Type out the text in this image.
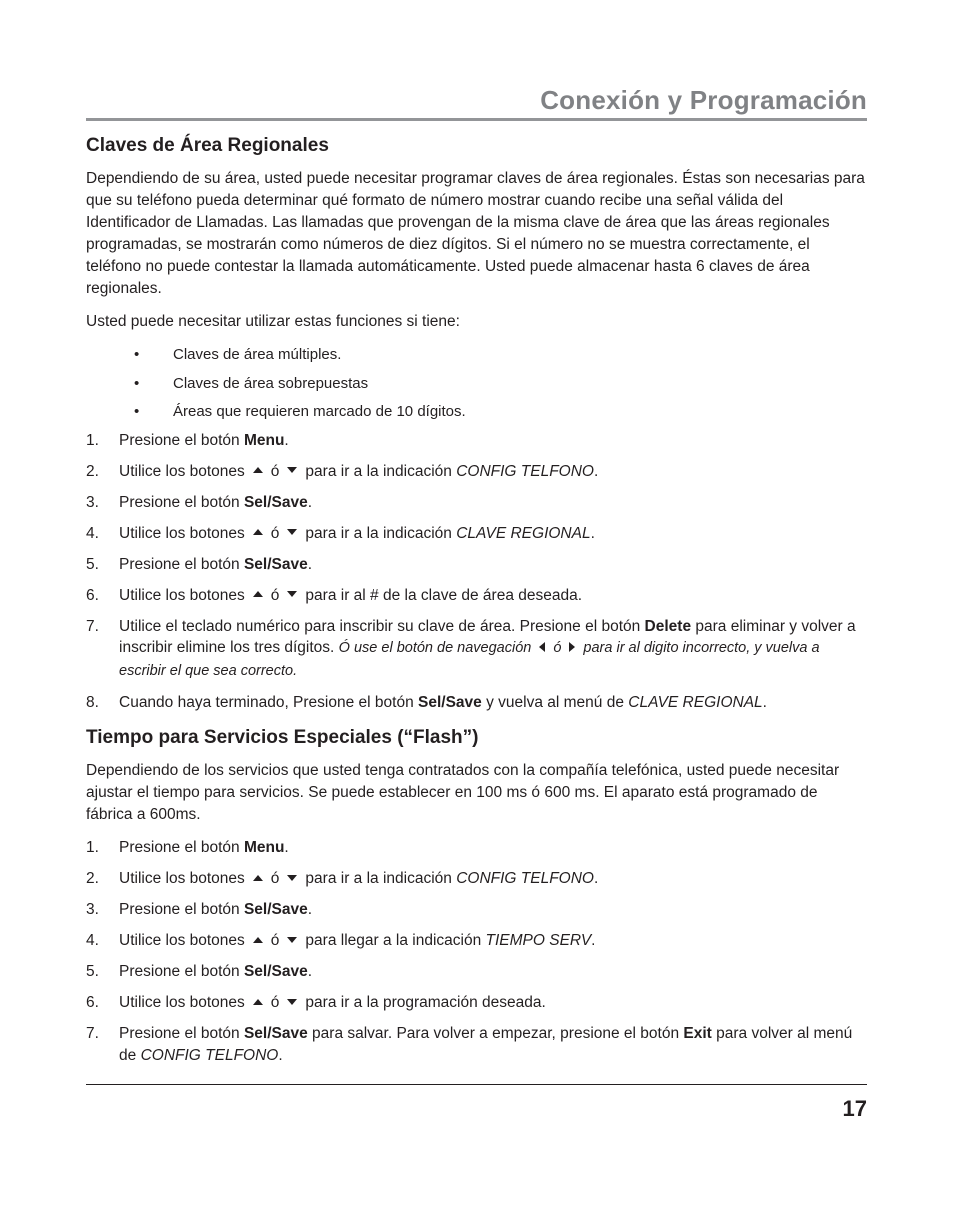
Conexión y Programación
Claves de Área Regionales

Dependiendo de su área, usted puede necesitar programar claves de área regionales. Éstas son necesarias para que su teléfono pueda determinar qué formato de número mostrar cuando recibe una señal válida del Identificador de Llamadas. Las llamadas que provengan de la misma clave de área que las áreas regionales programadas, se mostrarán como números de diez dígitos. Si el número no se muestra correctamente, el teléfono no puede contestar la llamada automáticamente. Usted puede almacenar hasta 6 claves de área regionales.

Usted puede necesitar utilizar estas funciones si tiene:

• Claves de área múltiples.
• Claves de área sobrepuestas
• Áreas que requieren marcado de 10 dígitos.
1. Presione el botón Menu.
2. Utilice los botones ó para ir a la indicación CONFIG TELFONO.
3. Presione el botón Sel/Save.
4. Utilice los botones ó para ir a la indicación CLAVE REGIONAL.
5. Presione el botón Sel/Save.
6. Utilice los botones ó para ir al # de la clave de área deseada.
7. Utilice el teclado numérico para inscribir su clave de área. Presione el botón Delete para eliminar y volver a inscribir elimine los tres dígitos. Ó use el botón de navegación ó para ir al digito incorrecto, y vuelva a escribir el que sea correcto.
8. Cuando haya terminado, Presione el botón Sel/Save y vuelva al menú de CLAVE REGIONAL.
Tiempo para Servicios Especiales (“Flash”)

Dependiendo de los servicios que usted tenga contratados con la compañía telefónica, usted puede necesitar ajustar el tiempo para servicios. Se puede establecer en 100 ms ó 600 ms. El aparato está programado de fábrica a 600ms.

1. Presione el botón Menu.
2. Utilice los botones ó para ir a la indicación CONFIG TELFONO.
3. Presione el botón Sel/Save.
4. Utilice los botones ó para llegar a la indicación TIEMPO SERV.
5. Presione el botón Sel/Save.
6. Utilice los botones ó para ir a la programación deseada.
7. Presione el botón Sel/Save para salvar. Para volver a empezar, presione el botón Exit para volver al menú de CONFIG TELFONO.
17
